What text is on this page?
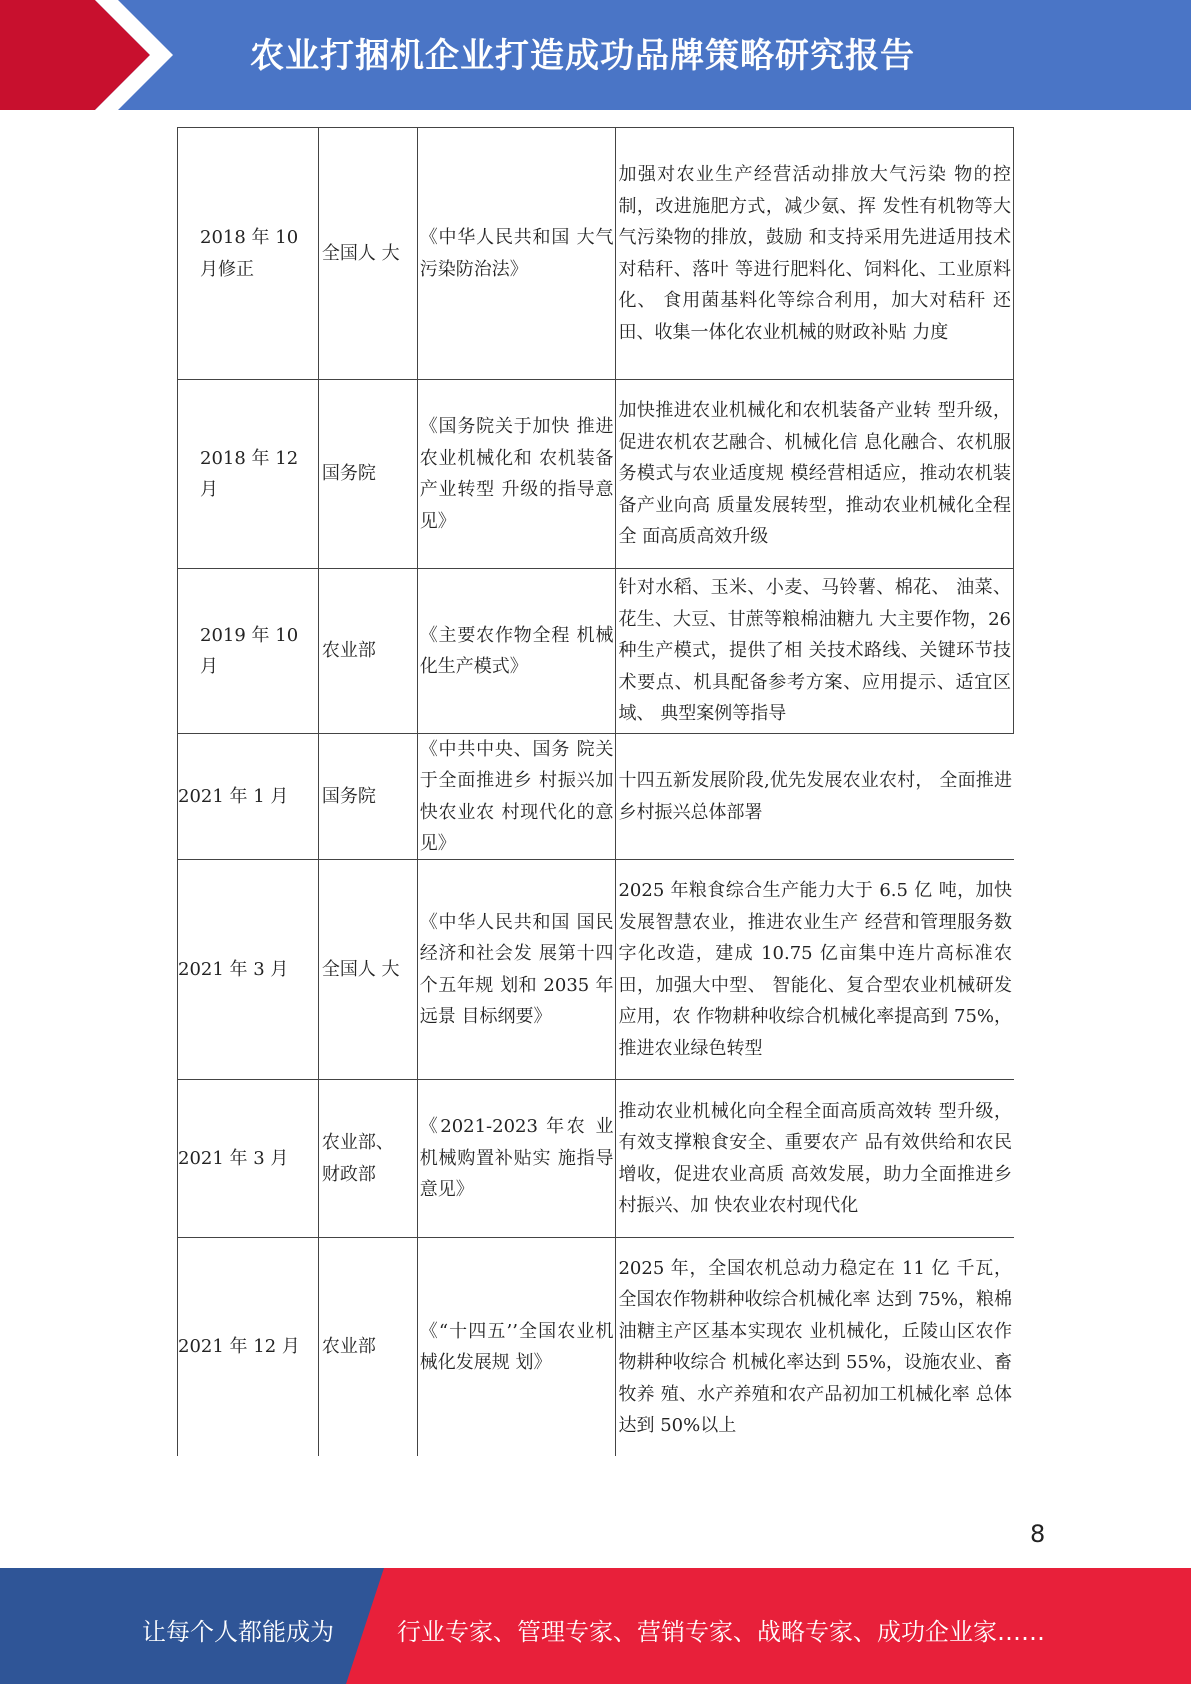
农业打捆机企业打造成功品牌策略研究报告
2018 年 10 月修正
全国人 大
《中华人民共和国 大气污染防治法》
加强对农业生产经营活动排放大气污染 物的控制，改进施肥方式，减少氨、挥 发性有机物等大气污染物的排放，鼓励 和支持采用先进适用技术对秸秆、落叶 等进行肥料化、饲料化、工业原料化、 食用菌基料化等综合利用，加大对秸秆 还田、收集一体化农业机械的财政补贴 力度
2018 年 12 月
国务院
《国务院关于加快 推进农业机械化和 农机装备产业转型 升级的指导意见》
加快推进农业机械化和农机装备产业转 型升级，促进农机农艺融合、机械化信 息化融合、农机服务模式与农业适度规 模经营相适应，推动农机装备产业向高 质量发展转型，推动农业机械化全程全 面高质高效升级
2019 年 10 月
农业部
《主要农作物全程 机械化生产模式》
针对水稻、玉米、小麦、马铃薯、棉花、 油菜、花生、大豆、甘蔗等粮棉油糖九 大主要作物，26 种生产模式，提供了相 关技术路线、关键环节技术要点、机具配备参考方案、应用提示、适宜区域、 典型案例等指导
2021 年 1 月 国务院
《中共中央、国务 院关于全面推进乡 村振兴加快农业农 村现代化的意见》
十四五新发展阶段,优先发展农业农村， 全面推进乡村振兴总体部署
2021 年 3 月 全国人 大
《中华人民共和国 国民经济和社会发 展第十四个五年规 划和 2035 年远景 目标纲要》
2025 年粮食综合生产能力大于 6.5 亿 吨，加快发展智慧农业，推进农业生产 经营和管理服务数字化改造，建成 10.75 亿亩集中连片高标准农田，加强大中型、 智能化、复合型农业机械研发应用，农 作物耕种收综合机械化率提高到 75%， 推进农业绿色转型
2021 年 3 月
农业部、 财政部
《2021-2023 年农 业机械购置补贴实 施指导意见》
推动农业机械化向全程全面高质高效转 型升级，有效支撑粮食安全、重要农产 品有效供给和农民增收，促进农业高质 高效发展，助力全面推进乡村振兴、加 快农业农村现代化
2021 年 12 月 农业部
《“十四五’’全国农业机械化发展规 划》
2025 年，全国农机总动力稳定在 11 亿 千瓦，全国农作物耕种收综合机械化率 达到 75%，粮棉油糖主产区基本实现农 业机械化，丘陵山区农作物耕种收综合 机械化率达到 55%，设施农业、畜牧养 殖、水产养殖和农产品初加工机械化率 总体达到 50%以上
8
让每个人都能成为	行业专家、管理专家、营销专家、战略专家、成功企业家……
